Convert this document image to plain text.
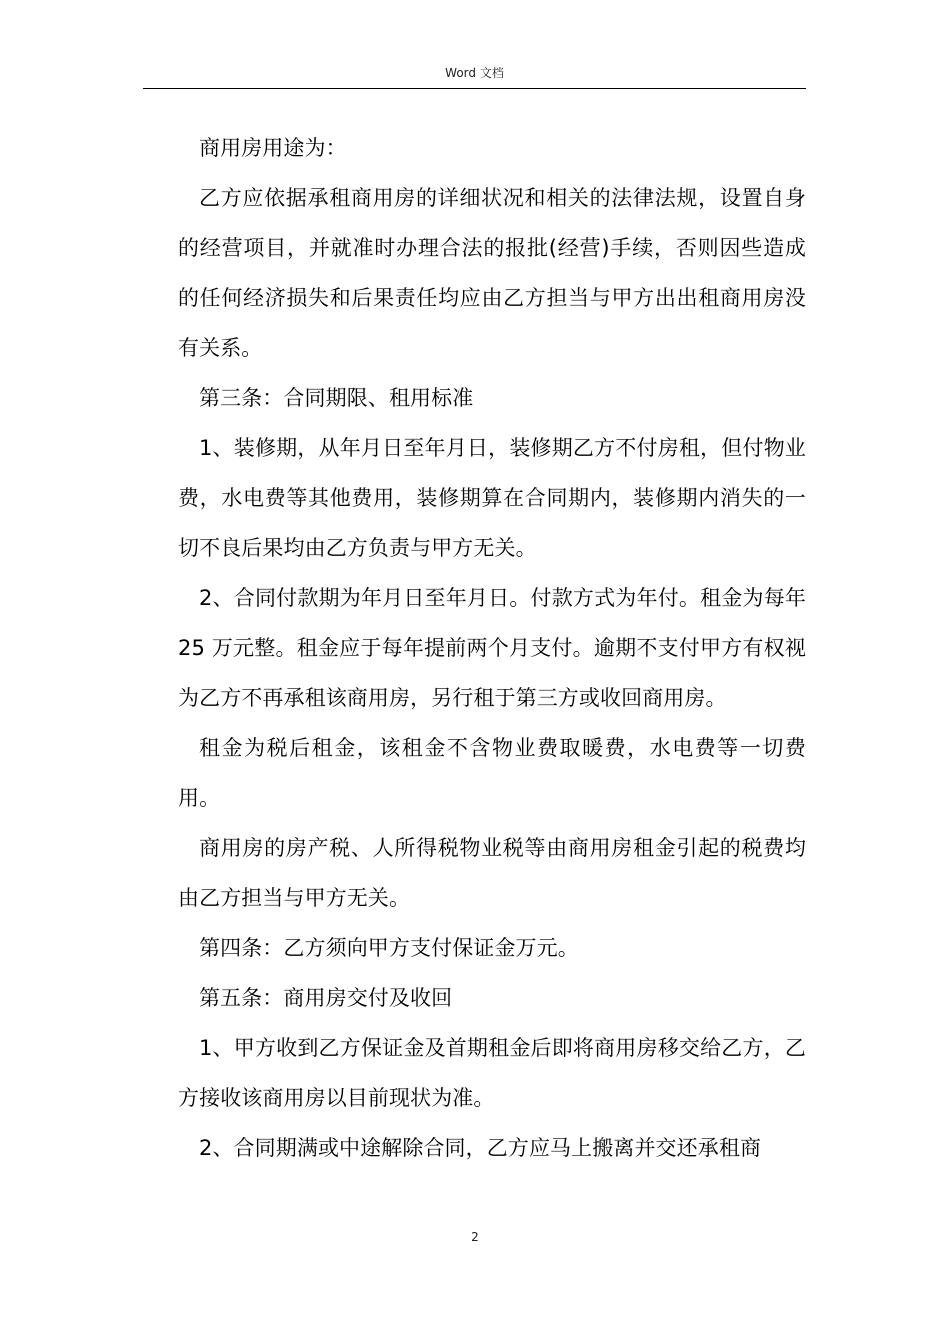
Word 文档

商用房用途为：

乙方应依据承租商用房的详细状况和相关的法律法规，设置自身的经营项目，并就准时办理合法的报批(经营)手续，否则因些造成的任何经济损失和后果责任均应由乙方担当与甲方出出租商用房没有关系。

第三条：合同期限、租用标准

1、装修期，从年月日至年月日，装修期乙方不付房租，但付物业费，水电费等其他费用，装修期算在合同期内，装修期内消失的一切不良后果均由乙方负责与甲方无关。

2、合同付款期为年月日至年月日。付款方式为年付。租金为每年 25 万元整。租金应于每年提前两个月支付。逾期不支付甲方有权视为乙方不再承租该商用房，另行租于第三方或收回商用房。

租金为税后租金，该租金不含物业费取暖费，水电费等一切费用。

商用房的房产税、人所得税物业税等由商用房租金引起的税费均由乙方担当与甲方无关。

第四条：乙方须向甲方支付保证金万元。

第五条：商用房交付及收回

1、甲方收到乙方保证金及首期租金后即将商用房移交给乙方，乙方接收该商用房以目前现状为准。

2、合同期满或中途解除合同，乙方应马上搬离并交还承租商

2
